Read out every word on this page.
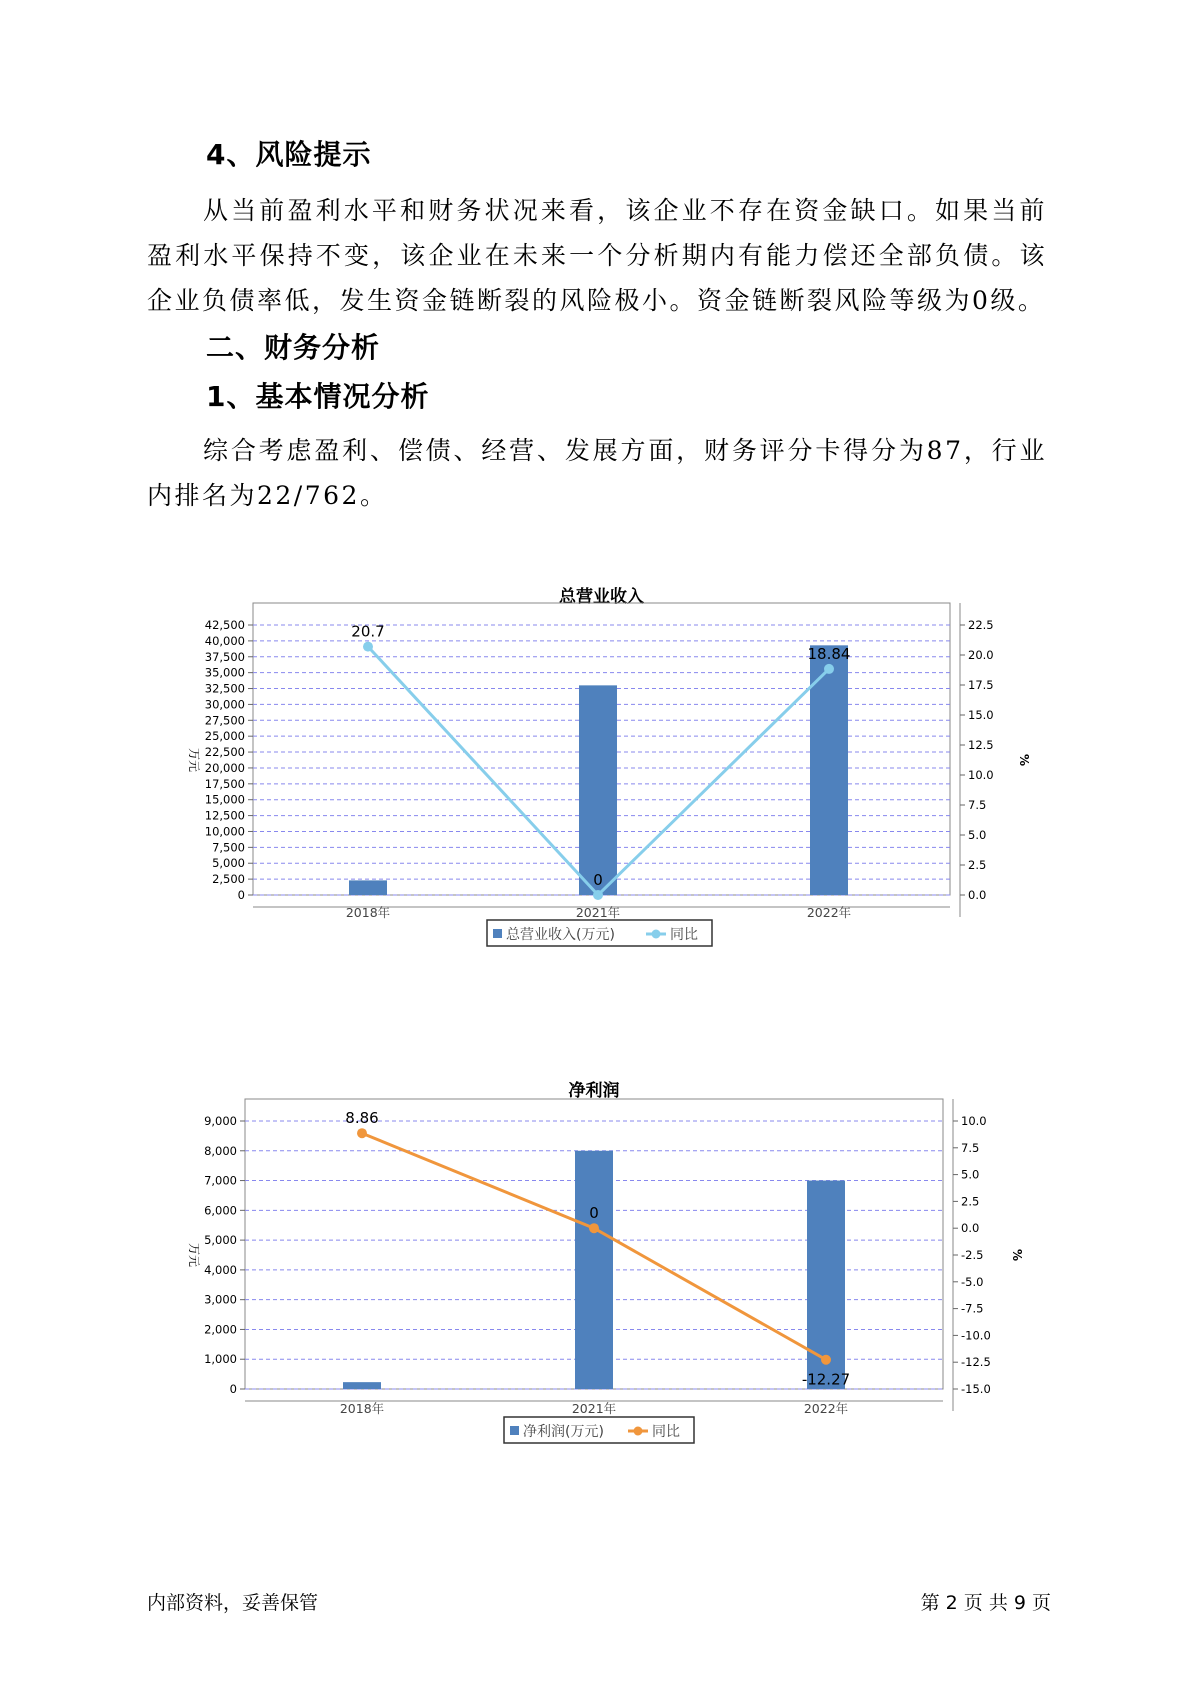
4、风险提示
从当前盈利水平和财务状况来看，该企业不存在资金缺口。如果当前盈利水平保持不变，该企业在未来一个分析期内有能力偿还全部负债。该企业负债率低，发生资金链断裂的风险极小。资金链断裂风险等级为0级。
二、财务分析
1、基本情况分析
综合考虑盈利、偿债、经营、发展方面，财务评分卡得分为87，行业内排名为22/762。
总营业收入
0
2,500
5,000
7,500
10,000
12,500
15,000
17,500
20,000
22,500
25,000
27,500
30,000
32,500
35,000
37,500
40,000
42,500
0.0
2.5
5.0
7.5
10.0
12.5
15.0
17.5
20.0
22.5
万元	%
2018年	2021年	2022年
20.7
0
18.84
总营业收入(万元)	同比
净利润
0
1,000
2,000
3,000
4,000
5,000
6,000
7,000
8,000
9,000
-15.0
-12.5
-10.0
-7.5
-5.0
-2.5
0.0
2.5
5.0
7.5
10.0
万元	%
2018年	2021年	2022年
8.86
0
-12.27
净利润(万元)	同比
内部资料，妥善保管	第 2 页 共 9 页
